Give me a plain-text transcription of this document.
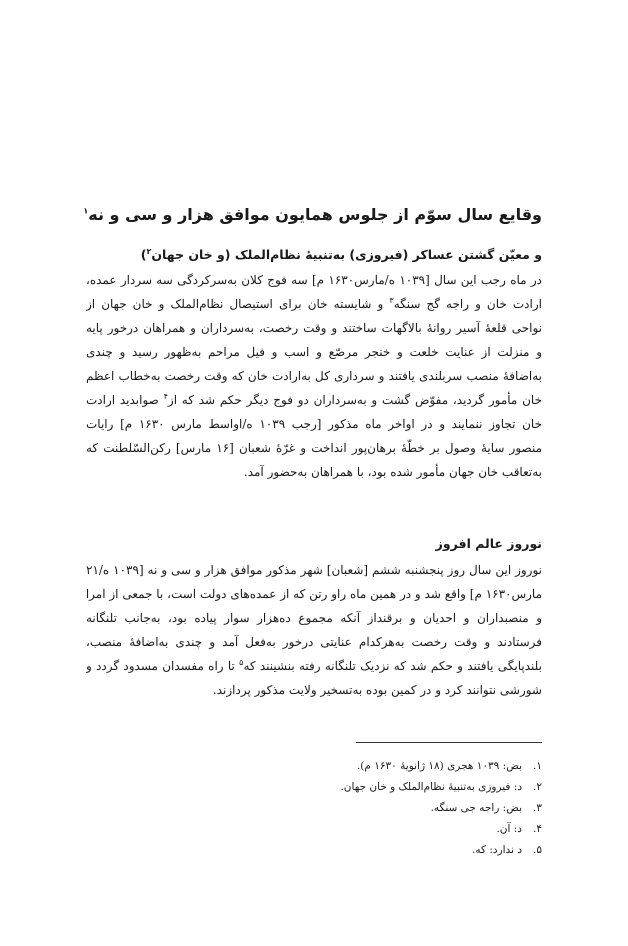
وقایع سال سوّم از جلوس همایون موافق هزار و سی و نه$^۱$
و معیّن گشتن عساکر (فیروزی) به‌تنبیهٔ نظام‌الملک (و خان جهان$^۲$)
در ماه رجب این سال [۱۰۳۹ ه/مارس۱۶۳۰ م] سه فوج کلان به‌سرکردگی سه سردار عمده،
ارادت خان و راجه گج سنگه$^۳$ و شایسته خان برای استیصال نظام‌الملک و خان جهان از
نواحی قلعهٔ آسیر روانهٔ بالاگهات ساختند و وقت رخصت، به‌سرداران و همراهان درخور پایه
و منزلت از عنایت خلعت و خنجر مرصّع و اسب و فیل مراحم به‌ظهور رسید و چندی
به‌اضافهٔ منصب سربلندی یافتند و سرداری کل به‌ارادت خان که وقت رخصت به‌خطاب اعظم
خان مأمور گردید، مفوّض گشت و به‌سرداران دو فوج دیگر حکم شد که از$^۴$ صوابدید ارادت
خان تجاوز ننمایند و در اواخر ماه مذکور [رجب ۱۰۳۹ ه/اواسط مارس ۱۶۳۰ م] رایات
منصور سایهٔ وصول بر خطّهٔ برهان‌پور انداخت و غرّهٔ شعبان [۱۶ مارس] رکن‌السّلطنت که
به‌تعاقب خان جهان مأمور شده بود، با همراهان به‌حضور آمد.
نوروز عالم افروز
نوروز این سال روز پنجشنبه ششم [شعبان] شهر مذکور موافق هزار و سی و نه [۱۰۳۹ ه/۲۱
مارس۱۶۳۰ م] واقع شد و در همین ماه راو رتن که از عمده‌های دولت است، با جمعی از امرا
و منصبداران و احدیان و برقنداز آنکه مجموع ده‌هزار سوار پیاده بود، به‌جانب تلنگانه
فرستادند و وقت رخصت به‌هرکدام عنایتی درخور به‌فعل آمد و چندی به‌اضافهٔ منصب،
بلندپایگی یافتند و حکم شد که نزدیک تلنگانه رفته بنشینند که$^۵$ تا راه مفسدان مسدود گردد و
شورشی نتوانند کرد و در کمین بوده به‌تسخیر ولایت مذکور پردازند.
۱.بض: ۱۰۳۹ هجری (۱۸ ژانویهٔ ۱۶۳۰ م).
۲.د: فیروزی به‌تنبیهٔ نظام‌الملک و خان جهان.
۳.بض: راجه جی سنگه.
۴.د: آن.
۵.د ندارد: که.
